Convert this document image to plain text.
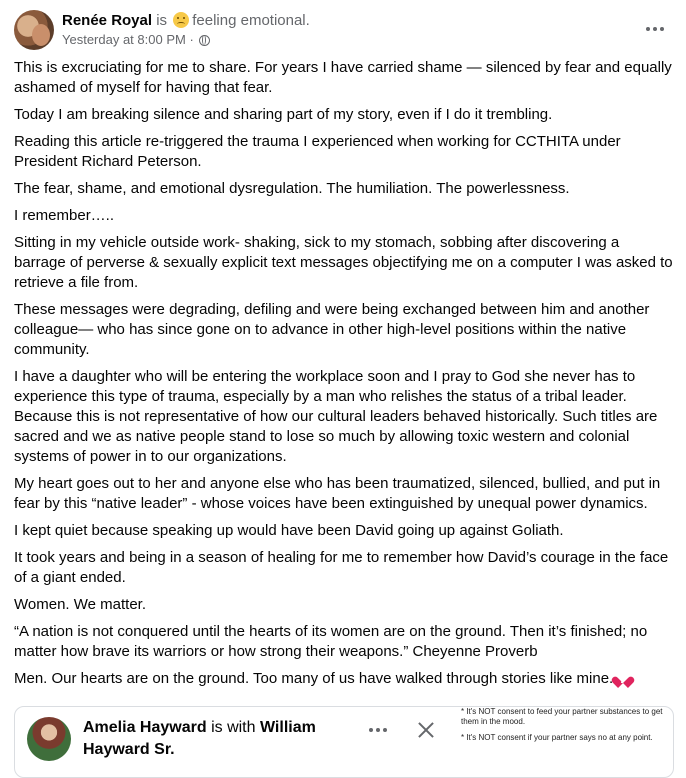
Renée Royal is feeling emotional.
Yesterday at 8:00 PM ·

This is excruciating for me to share. For years I have carried shame — silenced by fear and equally ashamed of myself for having that fear.

Today I am breaking silence and sharing part of my story, even if I do it trembling.

Reading this article re-triggered the trauma I experienced when working for CCTHITA under President Richard Peterson.

The fear, shame, and emotional dysregulation. The humiliation. The powerlessness.

I remember…..

Sitting in my vehicle outside work- shaking, sick to my stomach, sobbing after discovering a barrage of perverse & sexually explicit text messages objectifying me on a computer I was asked to retrieve a file from.

These messages were degrading, defiling and were being exchanged between him and another colleague— who has since gone on to advance in other high-level positions within the native community.

I have a daughter who will be entering the workplace soon and I pray to God she never has to experience this type of trauma, especially by a man who relishes the status of a tribal leader. Because this is not representative of how our cultural leaders behaved historically. Such titles are sacred and we as native people stand to lose so much by allowing toxic western and colonial systems of power in to our organizations.

My heart goes out to her and anyone else who has been traumatized, silenced, bullied, and put in fear by this “native leader” - whose voices have been extinguished by unequal power dynamics.

I kept quiet because speaking up would have been David going up against Goliath.

It took years and being in a season of healing for me to remember how David’s courage in the face of a giant ended.

Women. We matter.

“A nation is not conquered until the hearts of its women are on the ground. Then it’s finished; no matter how brave its warriors or how strong their weapons.” Cheyenne Proverb

Men. Our hearts are on the ground. Too many of us have walked through stories like mine.

Amelia Hayward is with William Hayward Sr.

* It's NOT consent to feed your partner substances to get them in the mood.

* It's NOT consent if your partner says no at any point.
